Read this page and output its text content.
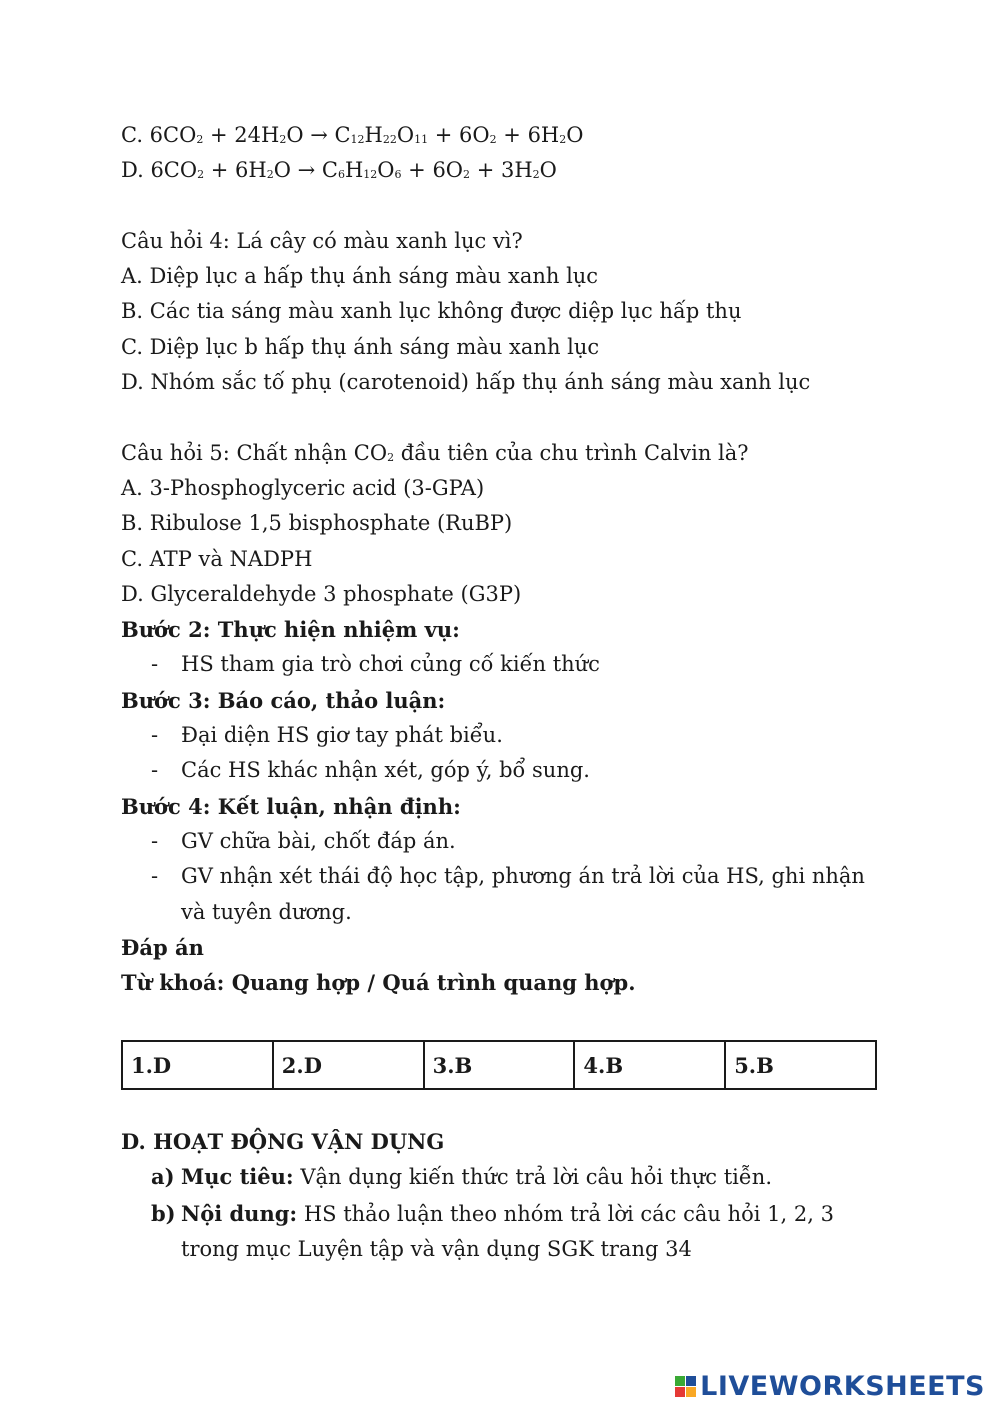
C. $6CO_2 + 24H_2O \to C_{12}H_{22}O_{11} + 6O_2 + 6H_2O$
D. $6CO_2 + 6H_2O \to C_6H_{12}O_6 + 6O_2 + 3H_2O$
Câu hỏi 4: Lá cây có màu xanh lục vì?
A. Diệp lục a hấp thụ ánh sáng màu xanh lục
B. Các tia sáng màu xanh lục không được diệp lục hấp thụ
C. Diệp lục b hấp thụ ánh sáng màu xanh lục
D. Nhóm sắc tố phụ (carotenoid) hấp thụ ánh sáng màu xanh lục
Câu hỏi 5: Chất nhận $CO_2$ đầu tiên của chu trình Calvin là?
A. 3-Phosphoglyceric acid (3-GPA)
B. Ribulose 1,5 bisphosphate (RuBP)
C. ATP và NADPH
D. Glyceraldehyde 3 phosphate (G3P)
Bước 2: Thực hiện nhiệm vụ:
- HS tham gia trò chơi củng cố kiến thức
Bước 3: Báo cáo, thảo luận:
- Đại diện HS giơ tay phát biểu.
- Các HS khác nhận xét, góp ý, bổ sung.
Bước 4: Kết luận, nhận định:
- GV chữa bài, chốt đáp án.
- GV nhận xét thái độ học tập, phương án trả lời của HS, ghi nhận và tuyên dương.
Đáp án
Từ khoá: Quang hợp / Quá trình quang hợp.
1.D	2.D	3.B	4.B	5.B
D. HOẠT ĐỘNG VẬN DỤNG
a) Mục tiêu: Vận dụng kiến thức trả lời câu hỏi thực tiễn.
b) Nội dung: HS thảo luận theo nhóm trả lời các câu hỏi 1, 2, 3 trong mục Luyện tập và vận dụng SGK trang 34
LIVEWORKSHEETS
